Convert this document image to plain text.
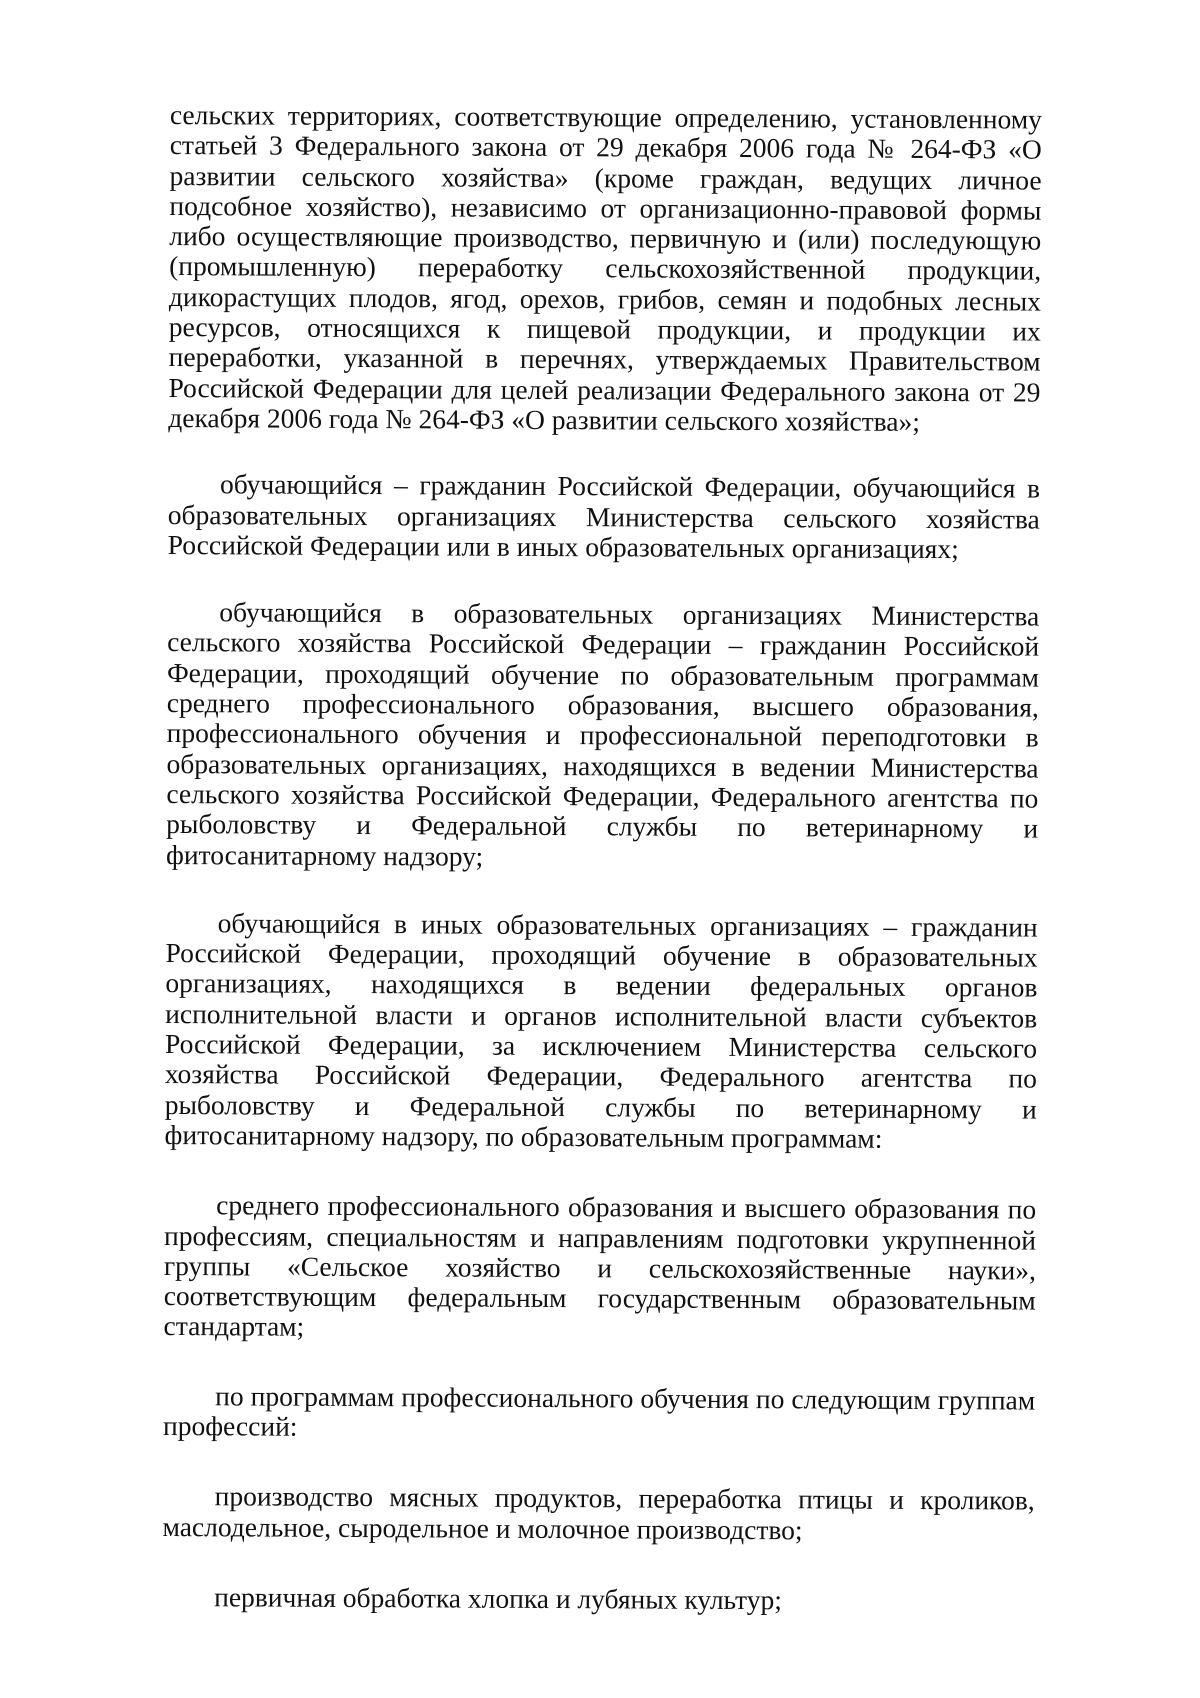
сельских территориях, соответствующие определению, установленному статьей 3 Федерального закона от 29 декабря 2006 года № 264-ФЗ «О развитии сельского хозяйства» (кроме граждан, ведущих личное подсобное хозяйство), независимо от организационно-правовой формы либо осуществляющие производство, первичную и (или) последующую (промышленную) переработку сельскохозяйственной продукции, дикорастущих плодов, ягод, орехов, грибов, семян и подобных лесных ресурсов, относящихся к пищевой продукции, и продукции их переработки, указанной в перечнях, утверждаемых Правительством Российской Федерации для целей реализации Федерального закона от 29 декабря 2006 года № 264-ФЗ «О развитии сельского хозяйства»;

обучающийся – гражданин Российской Федерации, обучающийся в образовательных организациях Министерства сельского хозяйства Российской Федерации или в иных образовательных организациях;

обучающийся в образовательных организациях Министерства сельского хозяйства Российской Федерации – гражданин Российской Федерации, проходящий обучение по образовательным программам среднего профессионального образования, высшего образования, профессионального обучения и профессиональной переподготовки в образовательных организациях, находящихся в ведении Министерства сельского хозяйства Российской Федерации, Федерального агентства по рыболовству и Федеральной службы по ветеринарному и фитосанитарному надзору;

обучающийся в иных образовательных организациях – гражданин Российской Федерации, проходящий обучение в образовательных организациях, находящихся в ведении федеральных органов исполнительной власти и органов исполнительной власти субъектов Российской Федерации, за исключением Министерства сельского хозяйства Российской Федерации, Федерального агентства по рыболовству и Федеральной службы по ветеринарному и фитосанитарному надзору, по образовательным программам:

среднего профессионального образования и высшего образования по профессиям, специальностям и направлениям подготовки укрупненной группы «Сельское хозяйство и сельскохозяйственные науки», соответствующим федеральным государственным образовательным стандартам;

по программам профессионального обучения по следующим группам профессий:

производство мясных продуктов, переработка птицы и кроликов, маслодельное, сыродельное и молочное производство;

первичная обработка хлопка и лубяных культур;
